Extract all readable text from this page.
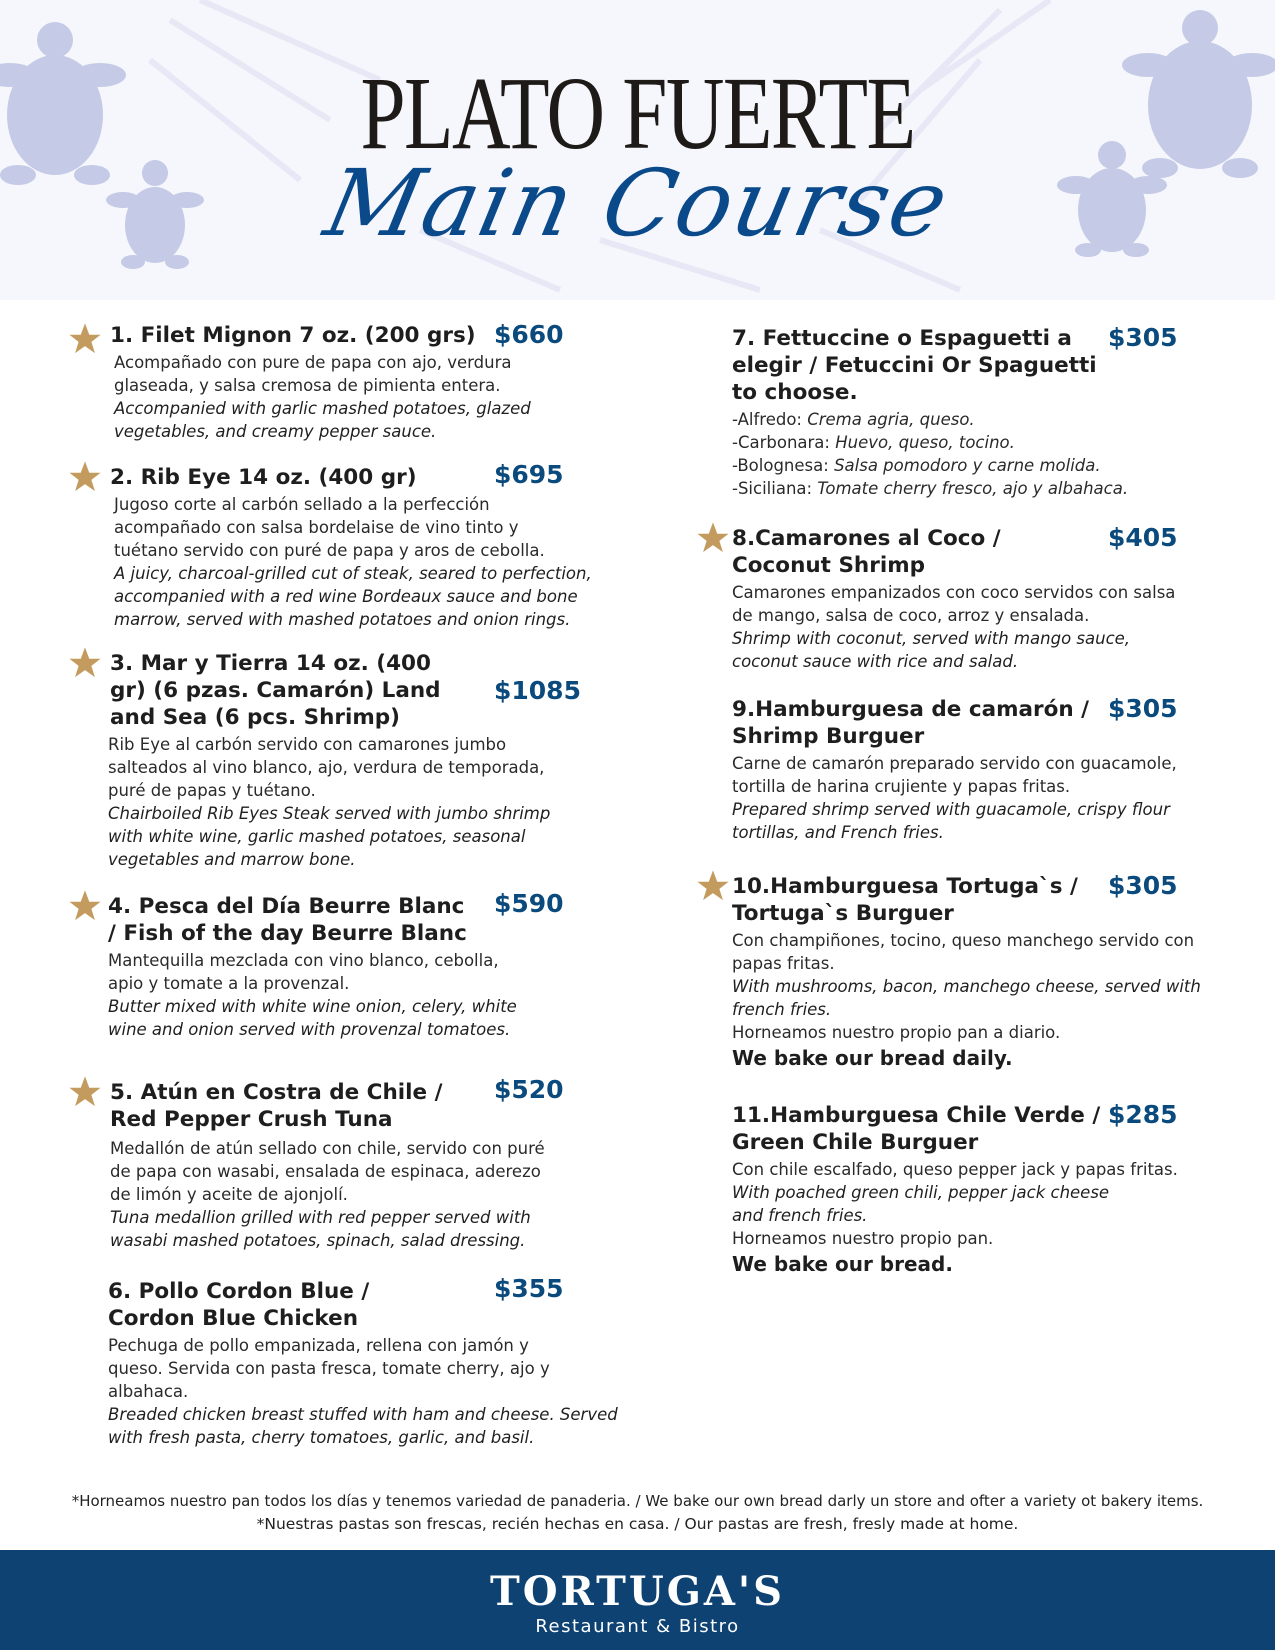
PLATO FUERTE
Main Course
1. Filet Mignon 7 oz. (200 grs) $660
Acompañado con pure de papa con ajo, verdura glaseada, y salsa cremosa de pimienta entera.
Accompanied with garlic mashed potatoes, glazed vegetables, and creamy pepper sauce.
2. Rib Eye 14 oz. (400 gr)	$695
Jugoso corte al carbón sellado a la perfección acompañado con salsa bordelaise de vino tinto y tuétano servido con puré de papa y aros de cebolla.
A juicy, charcoal-grilled cut of steak, seared to perfection, accompanied with a red wine Bordeaux sauce and bone marrow, served with mashed potatoes and onion rings.
3. Mar y Tierra 14 oz. (400 gr) (6 pzas. Camarón) Land and Sea (6 pcs. Shrimp)
$1085
Rib Eye al carbón servido con camarones jumbo salteados al vino blanco, ajo, verdura de temporada, puré de papas y tuétano.
Chairboiled Rib Eyes Steak served with jumbo shrimp with white wine, garlic mashed potatoes, seasonal vegetables and marrow bone.
4. Pesca del Día Beurre Blanc / Fish of the day Beurre Blanc
$590
Mantequilla mezclada con vino blanco, cebolla, apio y tomate a la provenzal.
Butter mixed with white wine onion, celery, white wine and onion served with provenzal tomatoes.
5. Atún en Costra de Chile / Red Pepper Crush Tuna
$520
Medallón de atún sellado con chile, servido con puré de papa con wasabi, ensalada de espinaca, aderezo de limón y aceite de ajonjolí.
Tuna medallion grilled with red pepper served with wasabi mashed potatoes, spinach, salad dressing.
6. Pollo Cordon Blue / Cordon Blue Chicken
$355
Pechuga de pollo empanizada, rellena con jamón y queso. Servida con pasta fresca, tomate cherry, ajo y albahaca.
Breaded chicken breast stuffed with ham and cheese. Served with fresh pasta, cherry tomatoes, garlic, and basil.
7. Fettuccine o Espaguetti a elegir / Fetuccini Or Spaguetti to choose.
$305
-Alfredo: Crema agria, queso.
-Carbonara: Huevo, queso, tocino.
-Bolognesa: Salsa pomodoro y carne molida.
-Siciliana: Tomate cherry fresco, ajo y albahaca.
8.Camarones al Coco / Coconut Shrimp
$405
Camarones empanizados con coco servidos con salsa de mango, salsa de coco, arroz y ensalada.
Shrimp with coconut, served with mango sauce, coconut sauce with rice and salad.
9.Hamburguesa de camarón / Shrimp Burguer
$305
Carne de camarón preparado servido con guacamole, tortilla de harina crujiente y papas fritas.
Prepared shrimp served with guacamole, crispy flour tortillas, and French fries.
10.Hamburguesa Tortuga`s / Tortuga`s Burguer
$305
Con champiñones, tocino, queso manchego servido con papas fritas.
With mushrooms, bacon, manchego cheese, served with french fries.
Horneamos nuestro propio pan a diario.
We bake our bread daily.
11.Hamburguesa Chile Verde / Green Chile Burguer
$285
Con chile escalfado, queso pepper jack y papas fritas.
With poached green chili, pepper jack cheese and french fries.
Horneamos nuestro propio pan.
We bake our bread.
*Horneamos nuestro pan todos los días y tenemos variedad de panaderia. / We bake our own bread darly un store and ofter a variety ot bakery items.
*Nuestras pastas son frescas, recién hechas en casa. / Our pastas are fresh, fresly made at home.
TORTUGA'S
Restaurant & Bistro
